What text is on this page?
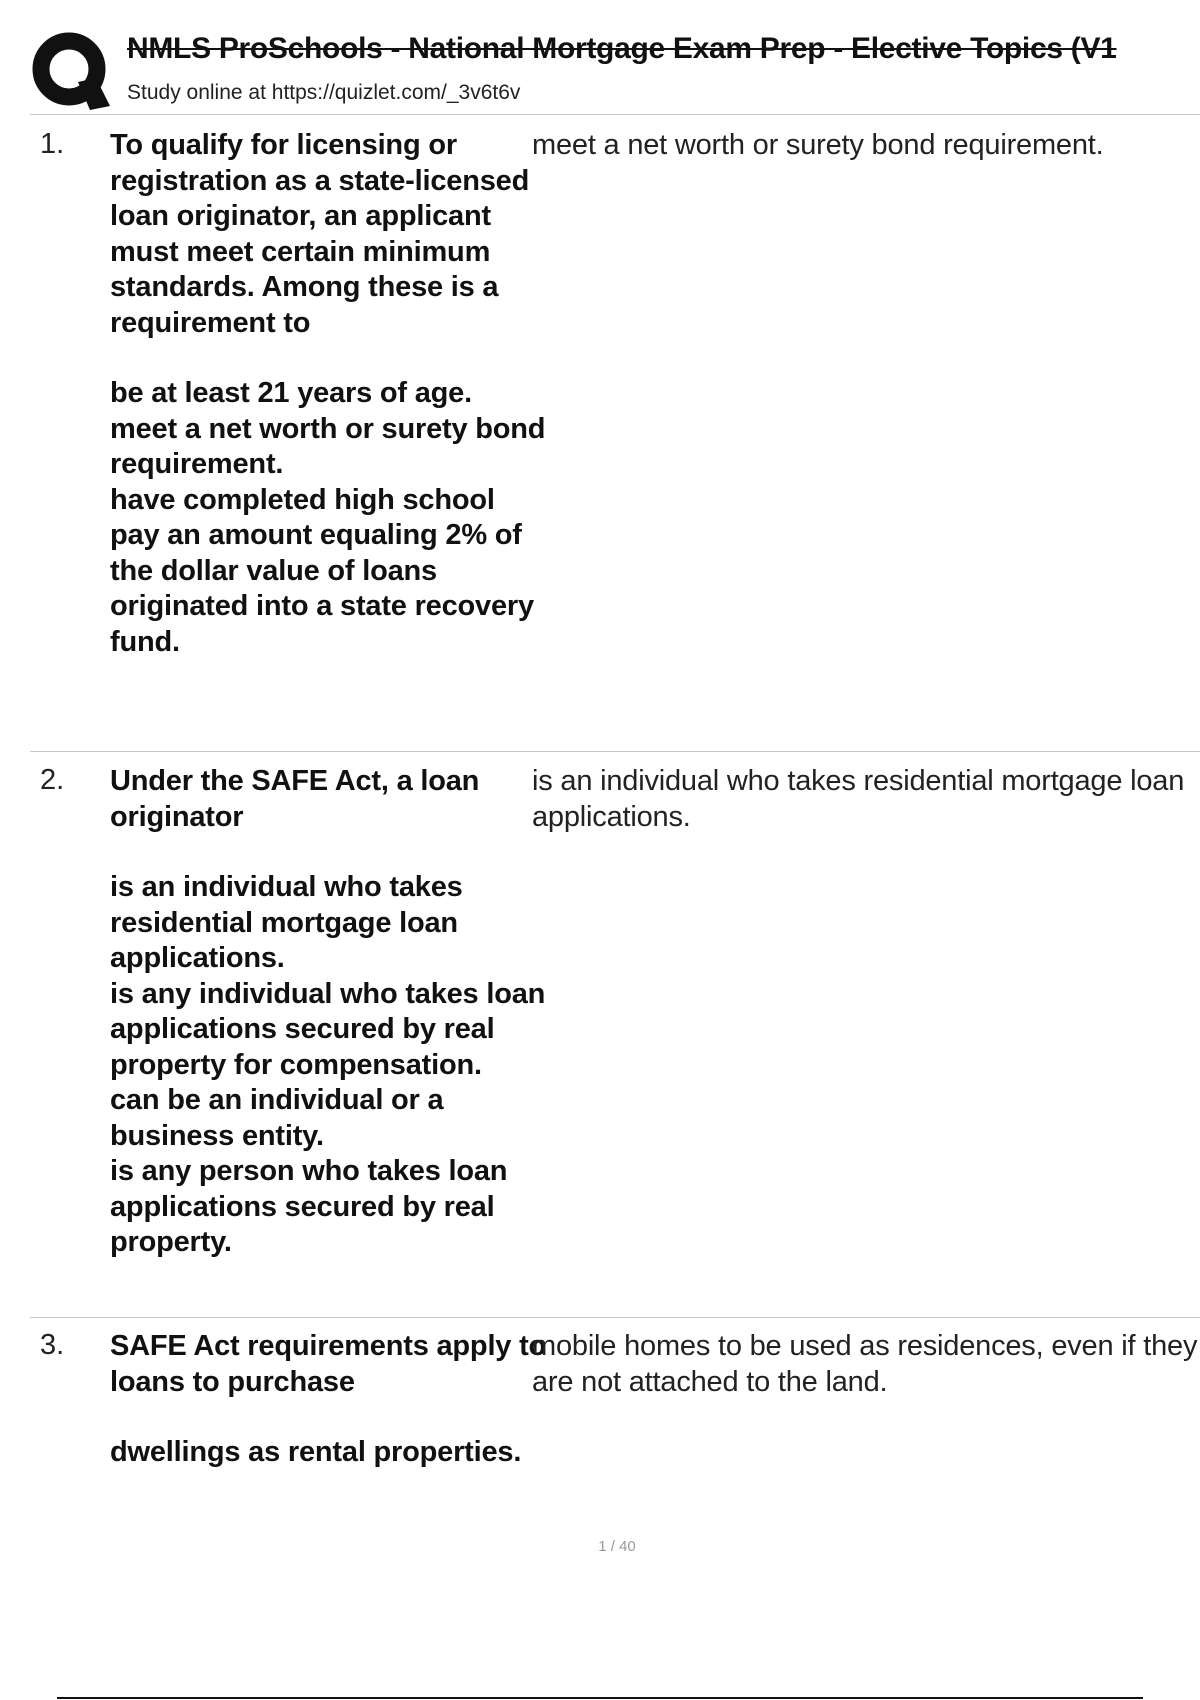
NMLS ProSchools - National Mortgage Exam Prep - Elective Topics (V1
Study online at https://quizlet.com/_3v6t6v
1. To qualify for licensing or registration as a state-licensed loan originator, an applicant must meet certain minimum standards. Among these is a requirement to
be at least 21 years of age.
meet a net worth or surety bond requirement.
have completed high school
pay an amount equaling 2% of the dollar value of loans originated into a state recovery fund.
meet a net worth or surety bond requirement.
2. Under the SAFE Act, a loan originator
is an individual who takes residential mortgage loan applications.
is any individual who takes loan applications secured by real property for compensation.
can be an individual or a business entity.
is any person who takes loan applications secured by real property.
is an individual who takes residential mortgage loan applications.
3. SAFE Act requirements apply to loans to purchase
dwellings as rental properties.
mobile homes to be used as residences, even if they are not attached to the land.
1 / 40
